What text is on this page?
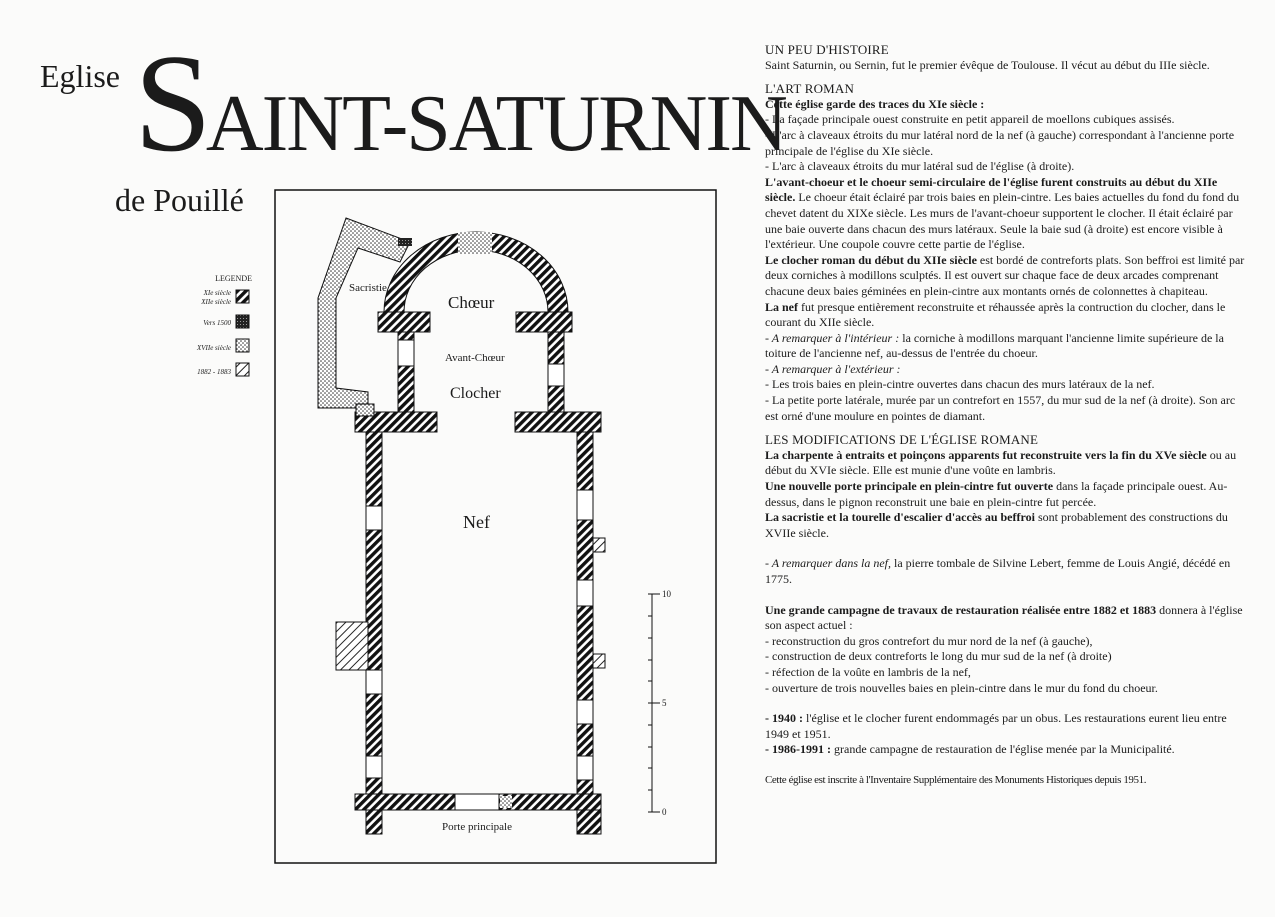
Eglise SAINT-SATURNIN
de Pouillé
LEGENDE
XIe siècle
XIIe siècle
Vers 1500
XVIIe siècle
1882 - 1883
Sacristie
Chœur
Avant-Chœur
Clocher
Nef
Porte principale
10
5
0

UN PEU D'HISTOIRE

Saint Saturnin, ou Sernin, fut le premier évêque de Toulouse. Il vécut au début du IIIe siècle.

L'ART ROMAN

Cette église garde des traces du XIe siècle :

- La façade principale ouest construite en petit appareil de moellons cubiques assisés.

- L'arc à claveaux étroits du mur latéral nord de la nef (à gauche) correspondant à l'ancienne porte principale de l'église du XIe siècle.

- L'arc à claveaux étroits du mur latéral sud de l'église (à droite).

L'avant-choeur et le choeur semi-circulaire de l'église furent construits au début du XIIe siècle. Le choeur était éclairé par trois baies en plein-cintre. Les baies actuelles du fond du fond du chevet datent du XIXe siècle. Les murs de l'avant-choeur supportent le clocher. Il était éclairé par une baie ouverte dans chacun des murs latéraux. Seule la baie sud (à droite) est encore visible à l'extérieur. Une coupole couvre cette partie de l'église.

Le clocher roman du début du XIIe siècle est bordé de contreforts plats. Son beffroi est limité par deux corniches à modillons sculptés. Il est ouvert sur chaque face de deux arcades comprenant chacune deux baies géminées en plein-cintre aux montants ornés de colonnettes à chapiteau.

La nef fut presque entièrement reconstruite et réhaussée après la contruction du clocher, dans le courant du XIIe siècle.

- A remarquer à l'intérieur : la corniche à modillons marquant l'ancienne limite supérieure de la toiture de l'ancienne nef, au-dessus de l'entrée du choeur.

- A remarquer à l'extérieur :

- Les trois baies en plein-cintre ouvertes dans chacun des murs latéraux de la nef.

- La petite porte latérale, murée par un contrefort en 1557, du mur sud de la nef (à droite). Son arc est orné d'une moulure en pointes de diamant.

LES MODIFICATIONS DE L'ÉGLISE ROMANE

La charpente à entraits et poinçons apparents fut reconstruite vers la fin du XVe siècle ou au début du XVIe siècle. Elle est munie d'une voûte en lambris.

Une nouvelle porte principale en plein-cintre fut ouverte dans la façade principale ouest. Au-dessus, dans le pignon reconstruit une baie en plein-cintre fut percée.

La sacristie et la tourelle d'escalier d'accès au beffroi sont probablement des constructions du XVIIe siècle.

- A remarquer dans la nef, la pierre tombale de Silvine Lebert, femme de Louis Angié, décédé en 1775.

Une grande campagne de travaux de restauration réalisée entre 1882 et 1883 donnera à l'église son aspect actuel :

- reconstruction du gros contrefort du mur nord de la nef (à gauche),

- construction de deux contreforts le long du mur sud de la nef (à droite)

- réfection de la voûte en lambris de la nef,

- ouverture de trois nouvelles baies en plein-cintre dans le mur du fond du choeur.

- 1940 : l'église et le clocher furent endommagés par un obus. Les restaurations eurent lieu entre 1949 et 1951.

- 1986-1991 : grande campagne de restauration de l'église menée par la Municipalité.

Cette église est inscrite à l'Inventaire Supplémentaire des Monuments Historiques depuis 1951.
